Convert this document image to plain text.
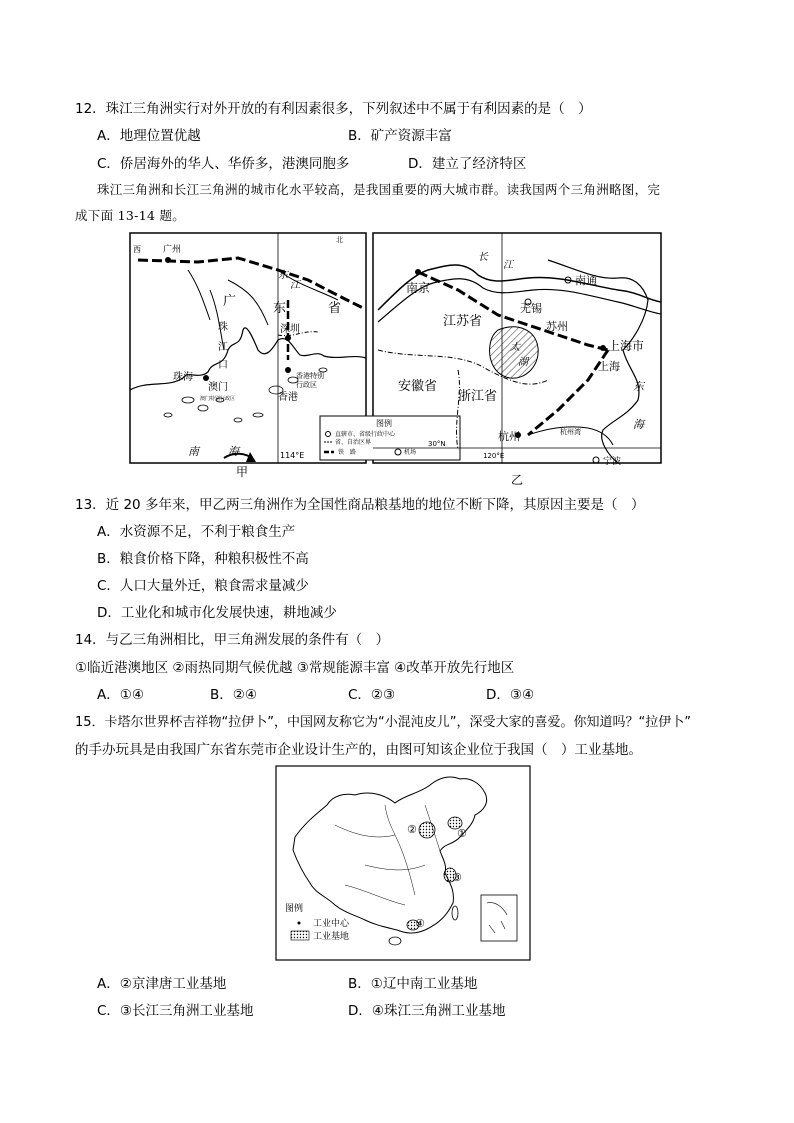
12．珠江三角洲实行对外开放的有利因素很多，下列叙述中不属于有利因素的是（　）
A．地理位置优越	B．矿产资源丰富
C．侨居海外的华人、华侨多，港澳同胞多	D．建立了经济特区
珠江三角洲和长江三角洲的城市化水平较高，是我国重要的两大城市群。读我国两个三角洲略图，完
成下面 13-14 题。
广州
广	东	省
深圳
珠
江
口
珠海
澳门
香港
南	海
甲
东
江
西
北
114°E
香港特别
行政区
澳门特别行政区
图例
直辖市、省级行政中心
省、自治区界
铁　路	机场
南京
江苏省
无锡
苏州
南通
上海市
上海
安徽省
浙江省
杭州
宁波
太
湖
长
江
东
海
杭州湾
乙
30°N
120°E
13．近 20 多年来，甲乙两三角洲作为全国性商品粮基地的地位不断下降，其原因主要是（　）
A．水资源不足，不利于粮食生产
B．粮食价格下降，种粮积极性不高
C．人口大量外迁，粮食需求量减少
D．工业化和城市化发展快速，耕地减少
14．与乙三角洲相比，甲三角洲发展的条件有（　）
①临近港澳地区 ②雨热同期气候优越 ③常规能源丰富 ④改革开放先行地区
A．①④	B．②④	C．②③	D．③④
15．卡塔尔世界杯吉祥物“拉伊卜”，中国网友称它为“小混沌皮儿”，深受大家的喜爱。你知道吗？“拉伊卜”
的手办玩具是由我国广东省东莞市企业设计生产的，由图可知该企业位于我国（　）工业基地。
②	①
③
④
图例
工业中心
工业基地
A．②京津唐工业基地	B．①辽中南工业基地
C．③长江三角洲工业基地	D．④珠江三角洲工业基地
